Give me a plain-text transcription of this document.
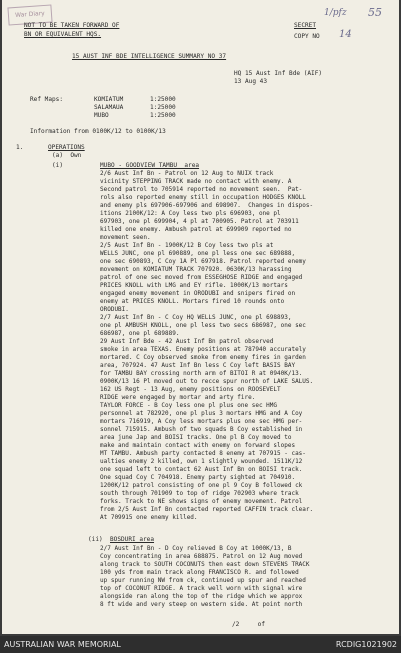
War Diary	1/pfz 55
NOT TO BE TAKEN FORWARD OF
BN OR EQUIVALENT HQS.
SECRET
COPY NO 14
15 AUST INF BDE INTELLIGENCE SUMMARY NO 37
HQ 15 Aust Inf Bde (AIF)
13 Aug 43
Ref Maps:	KOMIATUM	1:25000
SALAMAUA	1:25000
MUBO	1:25000
Information from 0100K/12 to 0100K/13
1.	OPERATIONS
(a)  Own
(i)	MUBO - GOODVIEW TAMBU  area
2/6 Aust Inf Bn - Patrol on 12 Aug to NUIX track
vicinity STEPPING TRACK made no contact with enemy. A
Second patrol to 705914 reported no movement seen.  Pat-
rols also reported enemy still in occupation HODGES KNOLL
and enemy pls 697906-697906 and 698907.  Changes in dispos-
itions 2100K/12: A Coy less two pls 696903, one pl
697903, one pl 699904, 4 pl at 700905. Patrol at 703911
killed one enemy. Ambush patrol at 699909 reported no
movement seen.
2/5 Aust Inf Bn - 1900K/12 B Coy less two pls at
WELLS JUNC, one pl 690889, one pl less one sec 689888,
one sec 690893, C Coy 1A Pl 697918. Patrol reported enemy
movement on KOMIATUM TRACK 707920. 0630K/13 harassing
patrol of one sec moved from ESSEGHOSE RIDGE and engaged
PRICES KNOLL with LMG and EY rifle. 1000K/13 mortars
engaged enemy movement in ORODUBI and snipers fired on
enemy at PRICES KNOLL. Mortars fired 10 rounds onto
ORODUBI.
2/7 Aust Inf Bn - C Coy HQ WELLS JUNC, one pl 698893,
one pl AMBUSH KNOLL, one pl less two secs 686987, one sec
686987, one pl 689889.
29 Aust Inf Bde - 42 Aust Inf Bn patrol observed
smoke in area TEXAS. Enemy positions at 787940 accurately
mortared. C Coy observed smoke from enemy fires in garden
area, 707924. 47 Aust Inf Bn less C Coy left BASIS BAY
for TAMBU BAY crossing north arm of BITOI R at 0940K/13.
0900K/13 16 Pl moved out to recce spur north of LAKE SALUS.
162 US Regt - 13 Aug, enemy positions on ROOSEVELT
RIDGE were engaged by mortar and arty fire.
TAYLOR FORCE - B Coy less one pl plus one sec HMG
personnel at 782920, one pl plus 3 mortars HMG and A Coy
mortars 716919, A Coy less mortars plus one sec HMG per-
sonnel 715915. Ambush of two squads B Coy established in
area june Jap and BOISI tracks. One pl B Coy moved to
make and maintain contact with enemy on forward slopes
MT TAMBU. Ambush party contacted 8 enemy at 707915 - cas-
ualties enemy 2 killed, own 1 slightly wounded. 1511K/12
one squad left to contact 62 Aust Inf Bn on BOISI track.
One squad Coy C 704918. Enemy party sighted at 704910.
1200K/12 patrol consisting of one pl 9 Coy B followed ck
south through 701909 to top of ridge 702903 where track
forks. Track to NE shows signs of enemy movement. Patrol
from 2/5 Aust Inf Bn contacted reported CAFFIN track clear.
At 709915 one enemy killed.
(ii) BOSDURI area
2/7 Aust Inf Bn - D Coy relieved B Coy at 1000K/13, B
Coy concentrating in area 688875. Patrol on 12 Aug moved
along track to SOUTH COCONUTS then east down STEVENS TRACK
100 yds from main track along FRANCISCO R. and followed
up spur running NW from ck, continued up spur and reached
top of COCONUT RIDGE. A track well worn with signal wire
alongside ran along the top of the ridge which we approx
8 ft wide and very steep on western side. At point north
/2     of
AUSTRALIAN WAR MEMORIAL	RCDIG1021902
